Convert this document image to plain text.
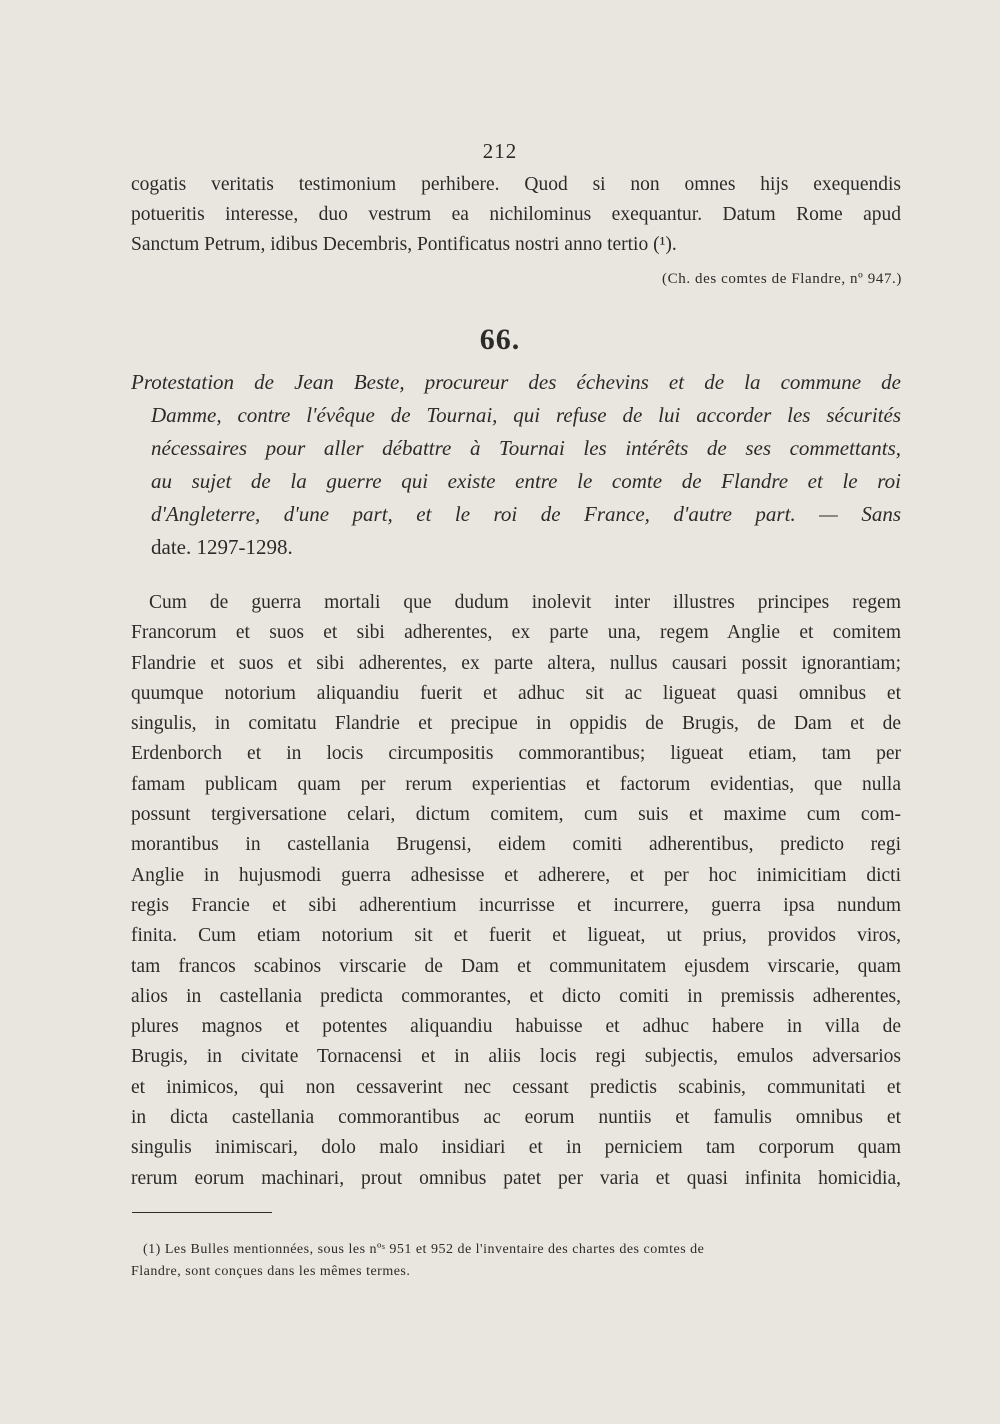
212
cogatis veritatis testimonium perhibere. Quod si non omnes hijs exequendis
potueritis interesse, duo vestrum ea nichilominus exequantur. Datum Rome apud
Sanctum Petrum, idibus Decembris, Pontificatus nostri anno tertio (¹).
(Ch. des comtes de Flandre, nº 947.)
66.
Protestation de Jean Beste, procureur des échevins et de la commune de
Damme, contre l'évêque de Tournai, qui refuse de lui accorder les sécurités
nécessaires pour aller débattre à Tournai les intérêts de ses commettants,
au sujet de la guerre qui existe entre le comte de Flandre et le roi
d'Angleterre, d'une part, et le roi de France, d'autre part. — Sans
date. 1297-1298.
Cum de guerra mortali que dudum inolevit inter illustres principes regem
Francorum et suos et sibi adherentes, ex parte una, regem Anglie et comitem
Flandrie et suos et sibi adherentes, ex parte altera, nullus causari possit ignorantiam;
quumque notorium aliquandiu fuerit et adhuc sit ac ligueat quasi omnibus et
singulis, in comitatu Flandrie et precipue in oppidis de Brugis, de Dam et de
Erdenborch et in locis circumpositis commorantibus; ligueat etiam, tam per
famam publicam quam per rerum experientias et factorum evidentias, que nulla
possunt tergiversatione celari, dictum comitem, cum suis et maxime cum com-
morantibus in castellania Brugensi, eidem comiti adherentibus, predicto regi
Anglie in hujusmodi guerra adhesisse et adherere, et per hoc inimicitiam dicti
regis Francie et sibi adherentium incurrisse et incurrere, guerra ipsa nundum
finita. Cum etiam notorium sit et fuerit et ligueat, ut prius, providos viros,
tam francos scabinos virscarie de Dam et communitatem ejusdem virscarie, quam
alios in castellania predicta commorantes, et dicto comiti in premissis adherentes,
plures magnos et potentes aliquandiu habuisse et adhuc habere in villa de
Brugis, in civitate Tornacensi et in aliis locis regi subjectis, emulos adversarios
et inimicos, qui non cessaverint nec cessant predictis scabinis, communitati et
in dicta castellania commorantibus ac eorum nuntiis et famulis omnibus et
singulis inimiscari, dolo malo insidiari et in perniciem tam corporum quam
rerum eorum machinari, prout omnibus patet per varia et quasi infinita homicidia,
(1) Les Bulles mentionnées, sous les nºˢ 951 et 952 de l'inventaire des chartes des comtes de
Flandre, sont conçues dans les mêmes termes.
